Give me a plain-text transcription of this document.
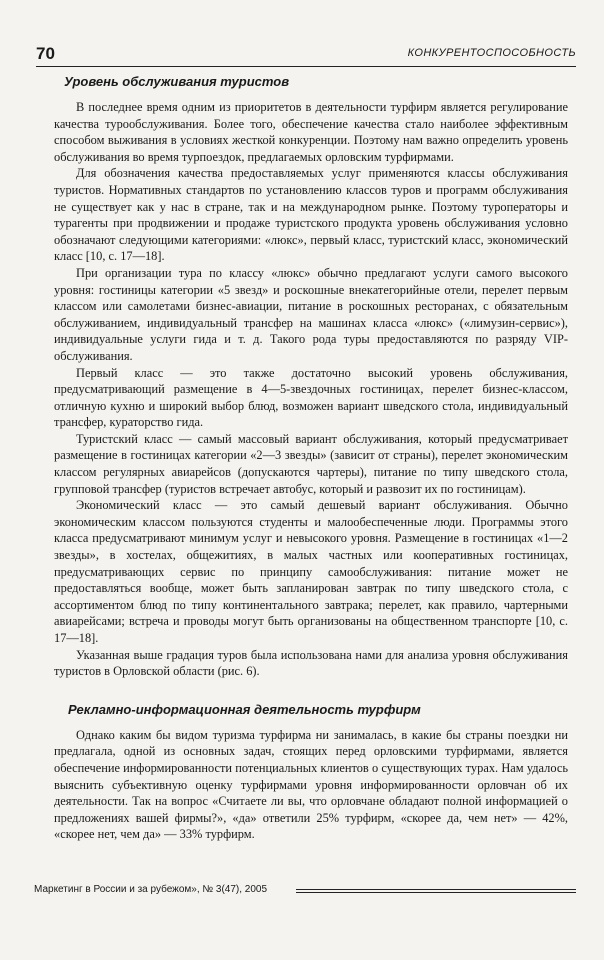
70	КОНКУРЕНТОСПОСОБНОСТЬ
Уровень обслуживания туристов

В последнее время одним из приоритетов в деятельности турфирм является регулирование качества турообслуживания. Более того, обеспечение качества стало наиболее эффективным способом выживания в условиях жесткой конкуренции. Поэтому нам важно определить уровень обслуживания во время турпоездок, предлагаемых орловским турфирмами.

Для обозначения качества предоставляемых услуг применяются классы обслуживания туристов. Нормативных стандартов по установлению классов туров и программ обслуживания не существует как у нас в стране, так и на международном рынке. Поэтому туроператоры и турагенты при продвижении и продаже туристского продукта уровень обслуживания условно обозначают следующими категориями: «люкс», первый класс, туристский класс, экономический класс [10, с. 17—18].

При организации тура по классу «люкс» обычно предлагают услуги самого высокого уровня: гостиницы категории «5 звезд» и роскошные внекатегорийные отели, перелет первым классом или самолетами бизнес-авиации, питание в роскошных ресторанах, с обязательным обслуживанием, индивидуальный трансфер на машинах класса «люкс» («лимузин-сервис»), индивидуальные услуги гида и т. д. Такого рода туры предоставляются по разряду VIP-обслуживания.

Первый класс — это также достаточно высокий уровень обслуживания, предусматривающий размещение в 4—5-звездочных гостиницах, перелет бизнес-классом, отличную кухню и широкий выбор блюд, возможен вариант шведского стола, индивидуальный трансфер, кураторство гида.

Туристский класс — самый массовый вариант обслуживания, который предусматривает размещение в гостиницах категории «2—3 звезды» (зависит от страны), перелет экономическим классом регулярных авиарейсов (допускаются чартеры), питание по типу шведского стола, групповой трансфер (туристов встречает автобус, который и развозит их по гостиницам).

Экономический класс — это самый дешевый вариант обслуживания. Обычно экономическим классом пользуются студенты и малообеспеченные люди. Программы этого класса предусматривают минимум услуг и невысокого уровня. Размещение в гостиницах «1—2 звезды», в хостелах, общежитиях, в малых частных или кооперативных гостиницах, предусматривающих сервис по принципу самообслуживания: питание может не предоставляться вообще, может быть запланирован завтрак по типу шведского стола, с ассортиментом блюд по типу континентального завтрака; перелет, как правило, чартерными авиарейсами; встреча и проводы могут быть организованы на общественном транспорте [10, с. 17—18].

Указанная выше градация туров была использована нами для анализа уровня обслуживания туристов в Орловской области (рис. 6).

Рекламно-информационная деятельность турфирм

Однако каким бы видом туризма турфирма ни занималась, в какие бы страны поездки ни предлагала, одной из основных задач, стоящих перед орловскими турфирмами, является обеспечение информированности потенциальных клиентов о существующих турах. Нам удалось выяснить субъективную оценку турфирмами уровня информированности орловчан об их деятельности. Так на вопрос «Считаете ли вы, что орловчане обладают полной информацией о предложениях вашей фирмы?», «да» ответили 25% турфирм, «скорее да, чем нет» — 42%, «скорее нет, чем да» — 33% турфирм.

Маркетинг в России и за рубежом», № 3(47), 2005
